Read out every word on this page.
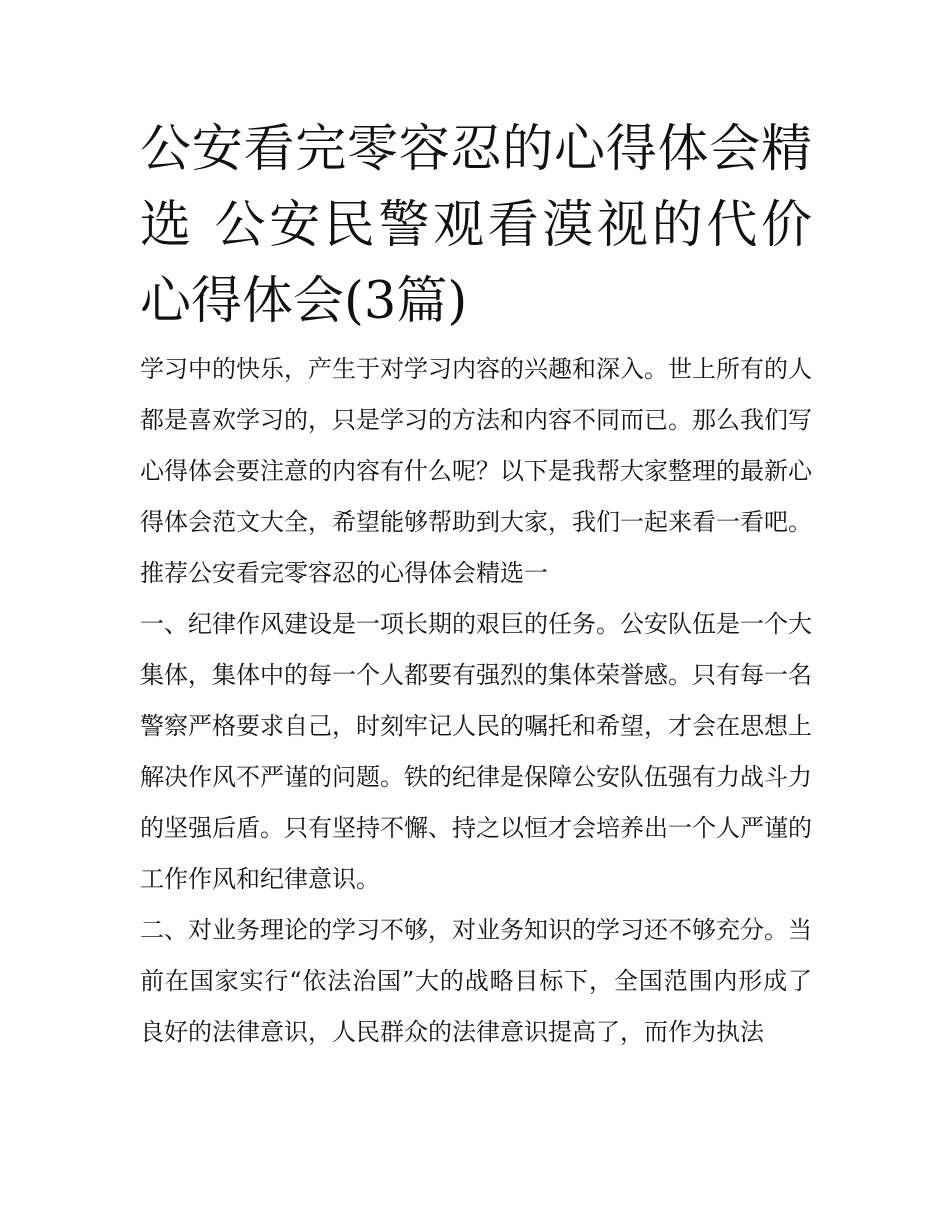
公安看完零容忍的心得体会精选 公安民警观看漠视的代价心得体会(3篇)

学习中的快乐，产生于对学习内容的兴趣和深入。世上所有的人都是喜欢学习的，只是学习的方法和内容不同而已。那么我们写心得体会要注意的内容有什么呢？以下是我帮大家整理的最新心得体会范文大全，希望能够帮助到大家，我们一起来看一看吧。

推荐公安看完零容忍的心得体会精选一

一、纪律作风建设是一项长期的艰巨的任务。公安队伍是一个大集体，集体中的每一个人都要有强烈的集体荣誉感。只有每一名警察严格要求自己，时刻牢记人民的嘱托和希望，才会在思想上解决作风不严谨的问题。铁的纪律是保障公安队伍强有力战斗力的坚强后盾。只有坚持不懈、持之以恒才会培养出一个人严谨的工作作风和纪律意识。

二、对业务理论的学习不够，对业务知识的学习还不够充分。当前在国家实行“依法治国”大的战略目标下，全国范围内形成了良好的法律意识，人民群众的法律意识提高了，而作为执法
